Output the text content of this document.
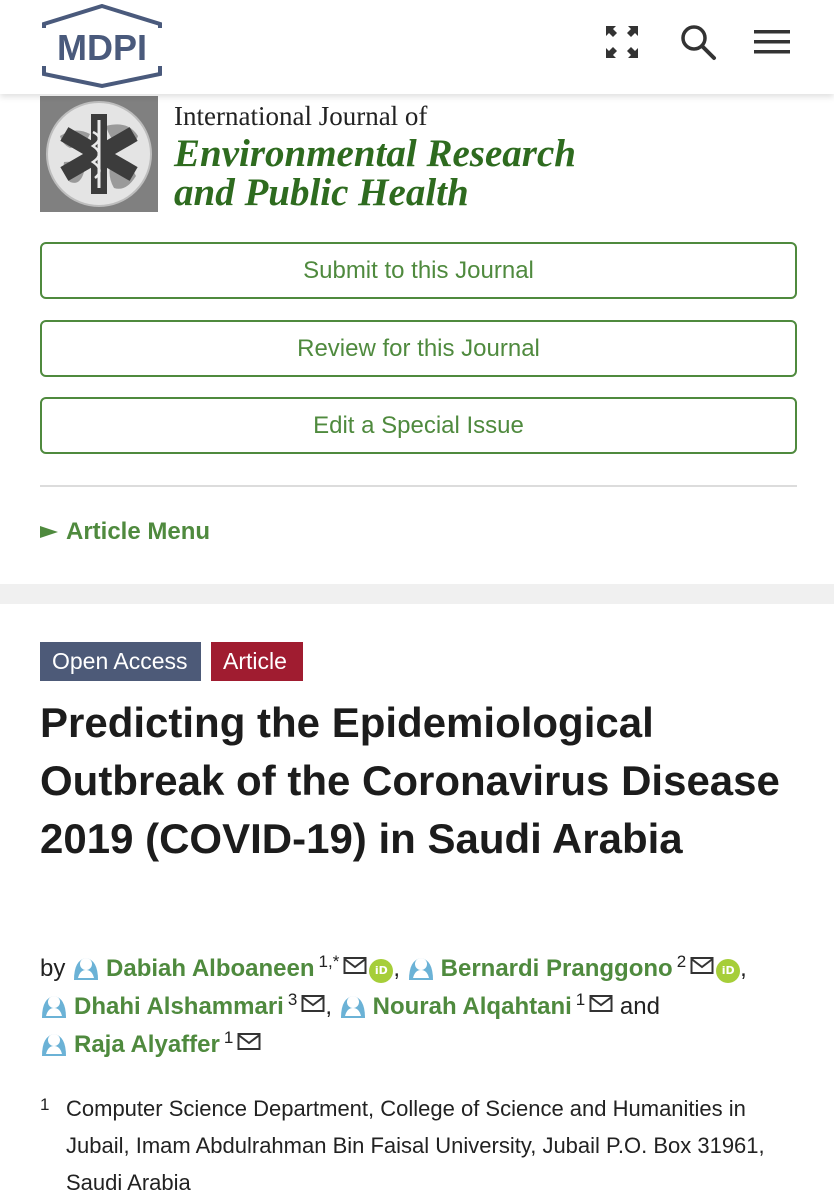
MDPI
International Journal of
Environmental Research
and Public Health
Submit to this Journal
Review for this Journal
Edit a Special Issue
Article Menu
Open Access	Article
Predicting the Epidemiological Outbreak of the Coronavirus Disease 2019 (COVID-19) in Saudi Arabia
by Dabiah Alboaneen $^{1,*}$	iD , Bernardi Pranggono $^2$	iD ,
Dhahi Alshammari $^3$ , Nourah Alqahtani $^1$ and
Raja Alyaffer $^1$
1 Computer Science Department, College of Science and Humanities in Jubail, Imam Abdulrahman Bin Faisal University, Jubail P.O. Box 31961, Saudi Arabia
